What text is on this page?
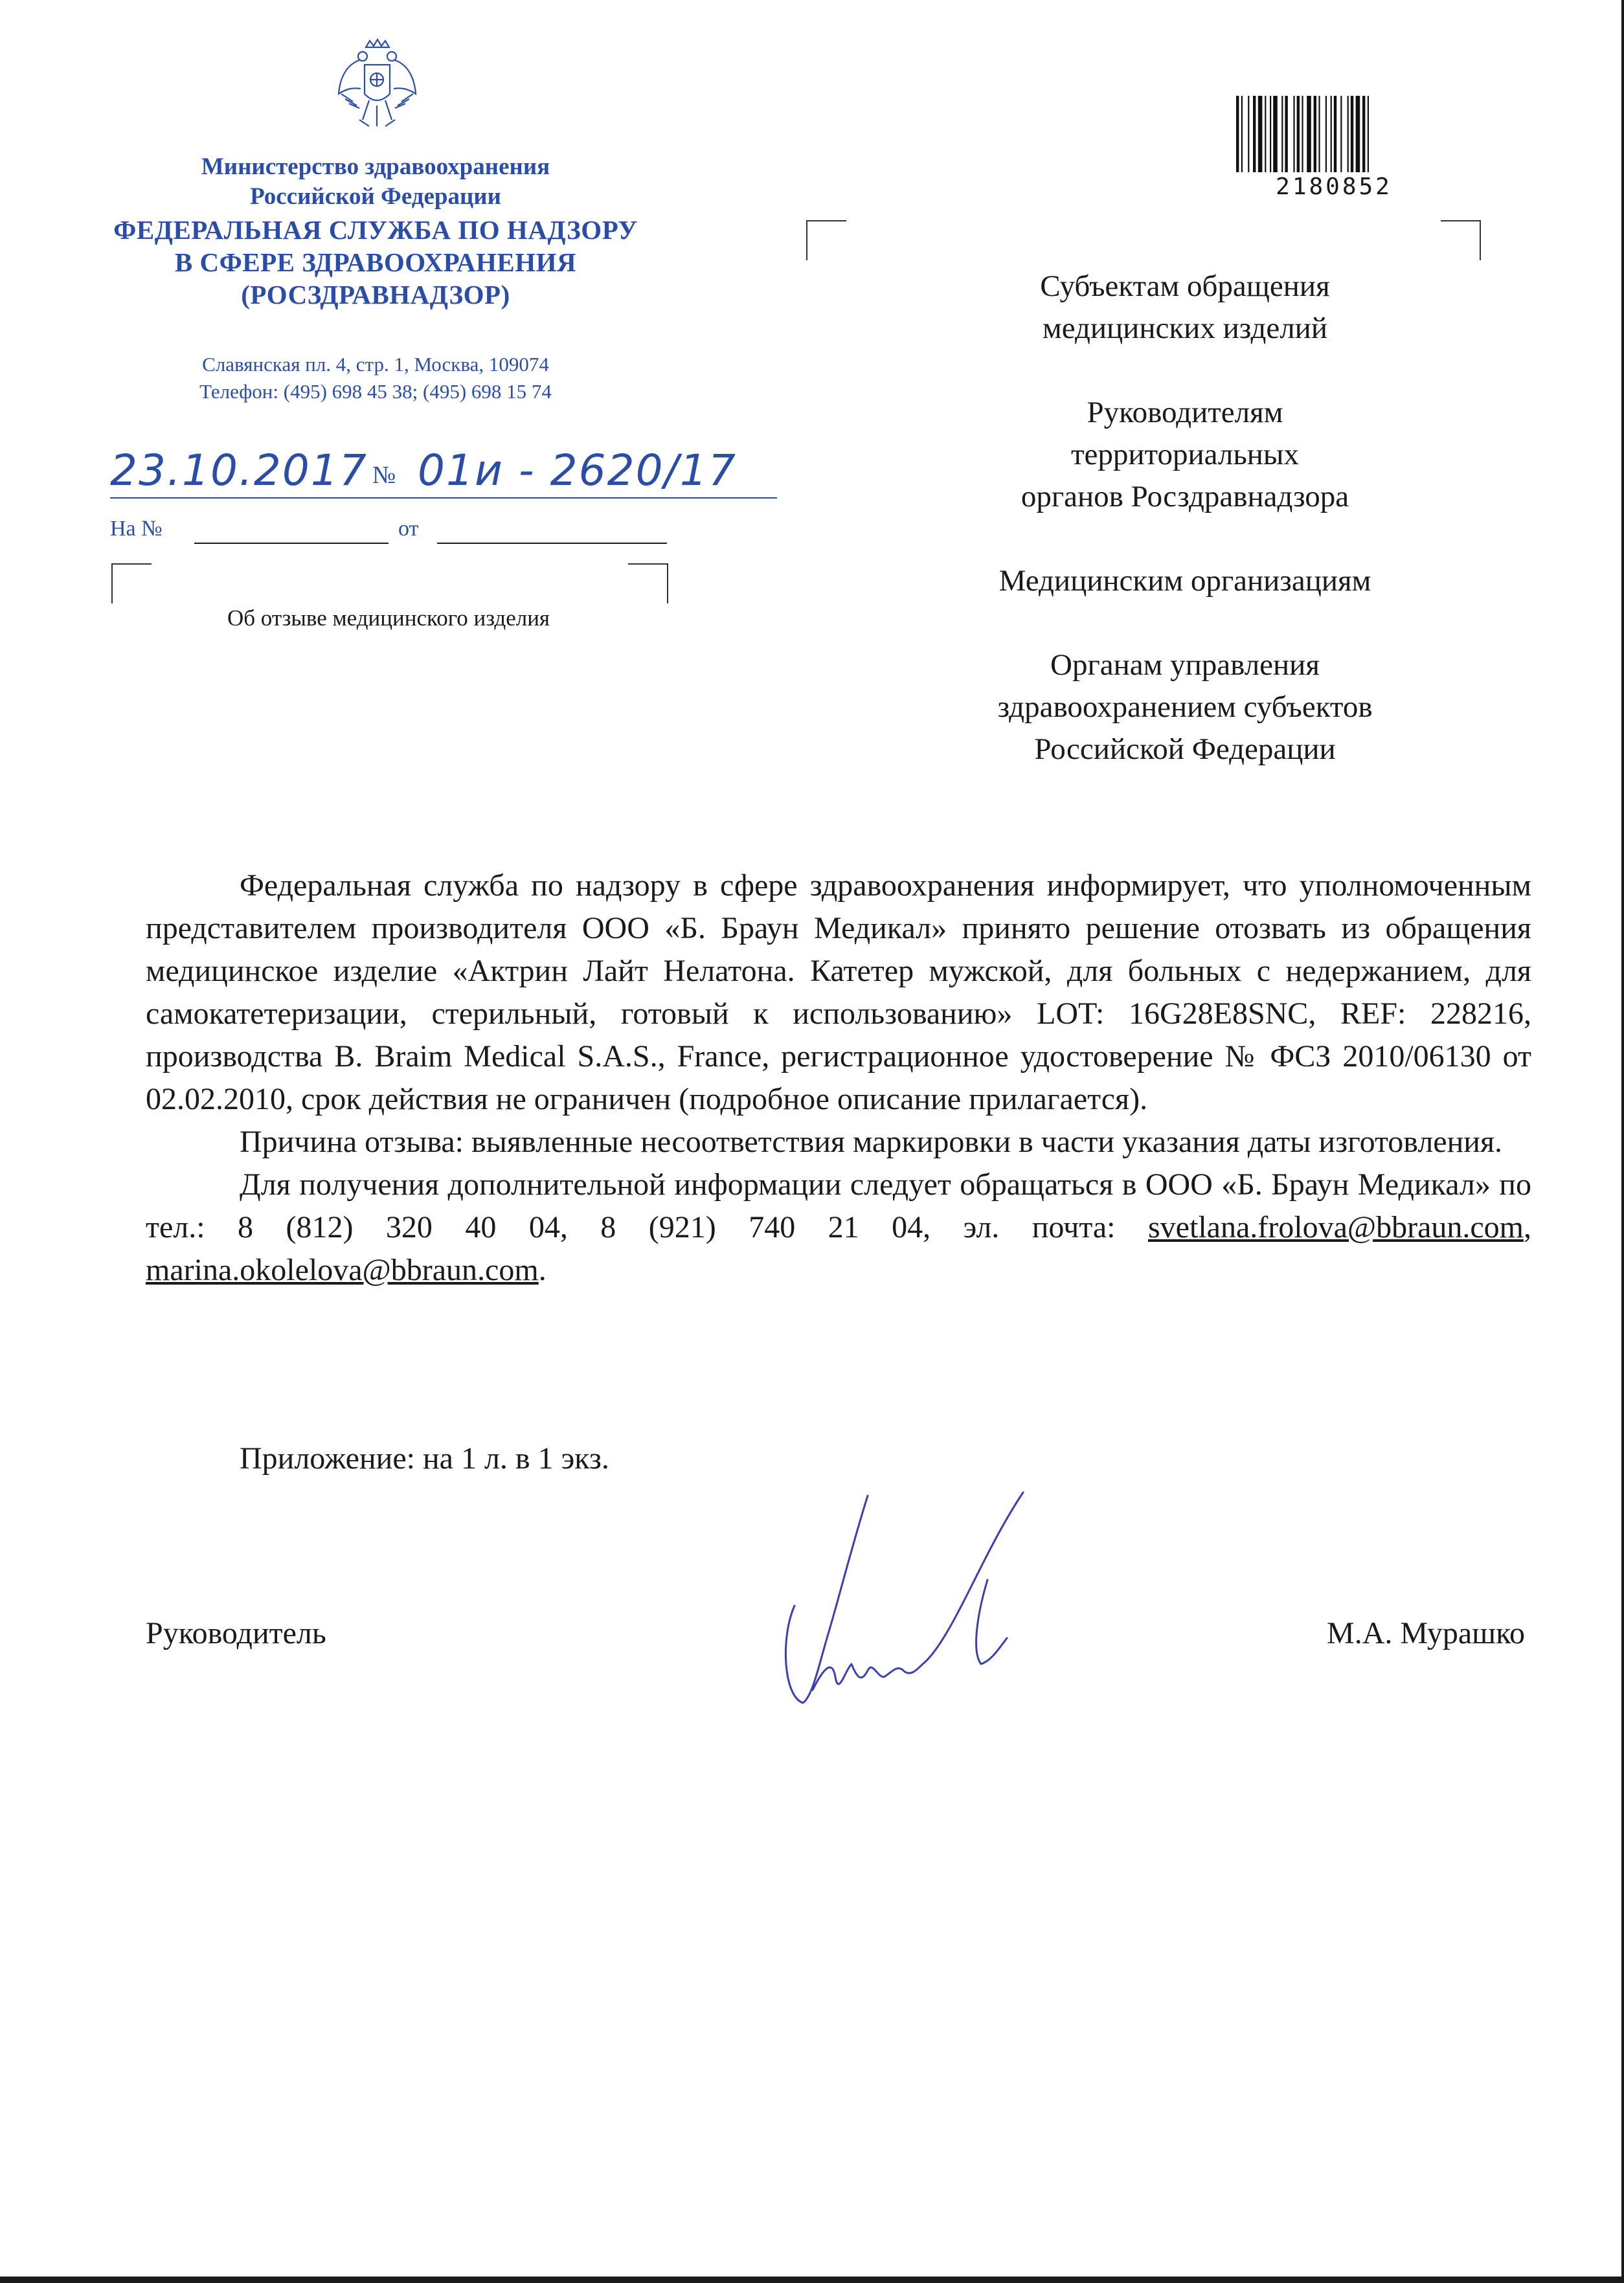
Министерство здравоохранения
Российской Федерации
ФЕДЕРАЛЬНАЯ СЛУЖБА ПО НАДЗОРУ
В СФЕРЕ ЗДРАВООХРАНЕНИЯ
(РОСЗДРАВНАДЗОР)
Славянская пл. 4, стр. 1, Москва, 109074
Телефон: (495) 698 45 38; (495) 698 15 74
23.10.2017 № 01и - 2620/17
На №	от
Об отзыве медицинского изделия
2180852
Субъектам обращения
медицинских изделий
Руководителям
территориальных
органов Росздравнадзора
Медицинским организациям
Органам управления
здравоохранением субъектов
Российской Федерации

Федеральная служба по надзору в сфере здравоохранения информирует, что уполномоченным представителем производителя ООО «Б. Браун Медикал» принято решение отозвать из обращения медицинское изделие «Актрин Лайт Нелатона. Катетер мужской, для больных с недержанием, для самокатетеризации, стерильный, готовый к использованию» LOT: 16G28E8SNC, REF: 228216, производства B. Braim Medical S.A.S., France, регистрационное удостоверение № ФСЗ 2010/06130 от 02.02.2010, срок действия не ограничен (подробное описание прилагается).

Причина отзыва: выявленные несоответствия маркировки в части указания даты изготовления.

Для получения дополнительной информации следует обращаться в ООО «Б. Браун Медикал» по тел.: 8 (812) 320 40 04, 8 (921) 740 21 04, эл. почта: svetlana.frolova@bbraun.com, marina.okolelova@bbraun.com.

Приложение: на 1 л. в 1 экз.
Руководитель	М.А. Мурашко
